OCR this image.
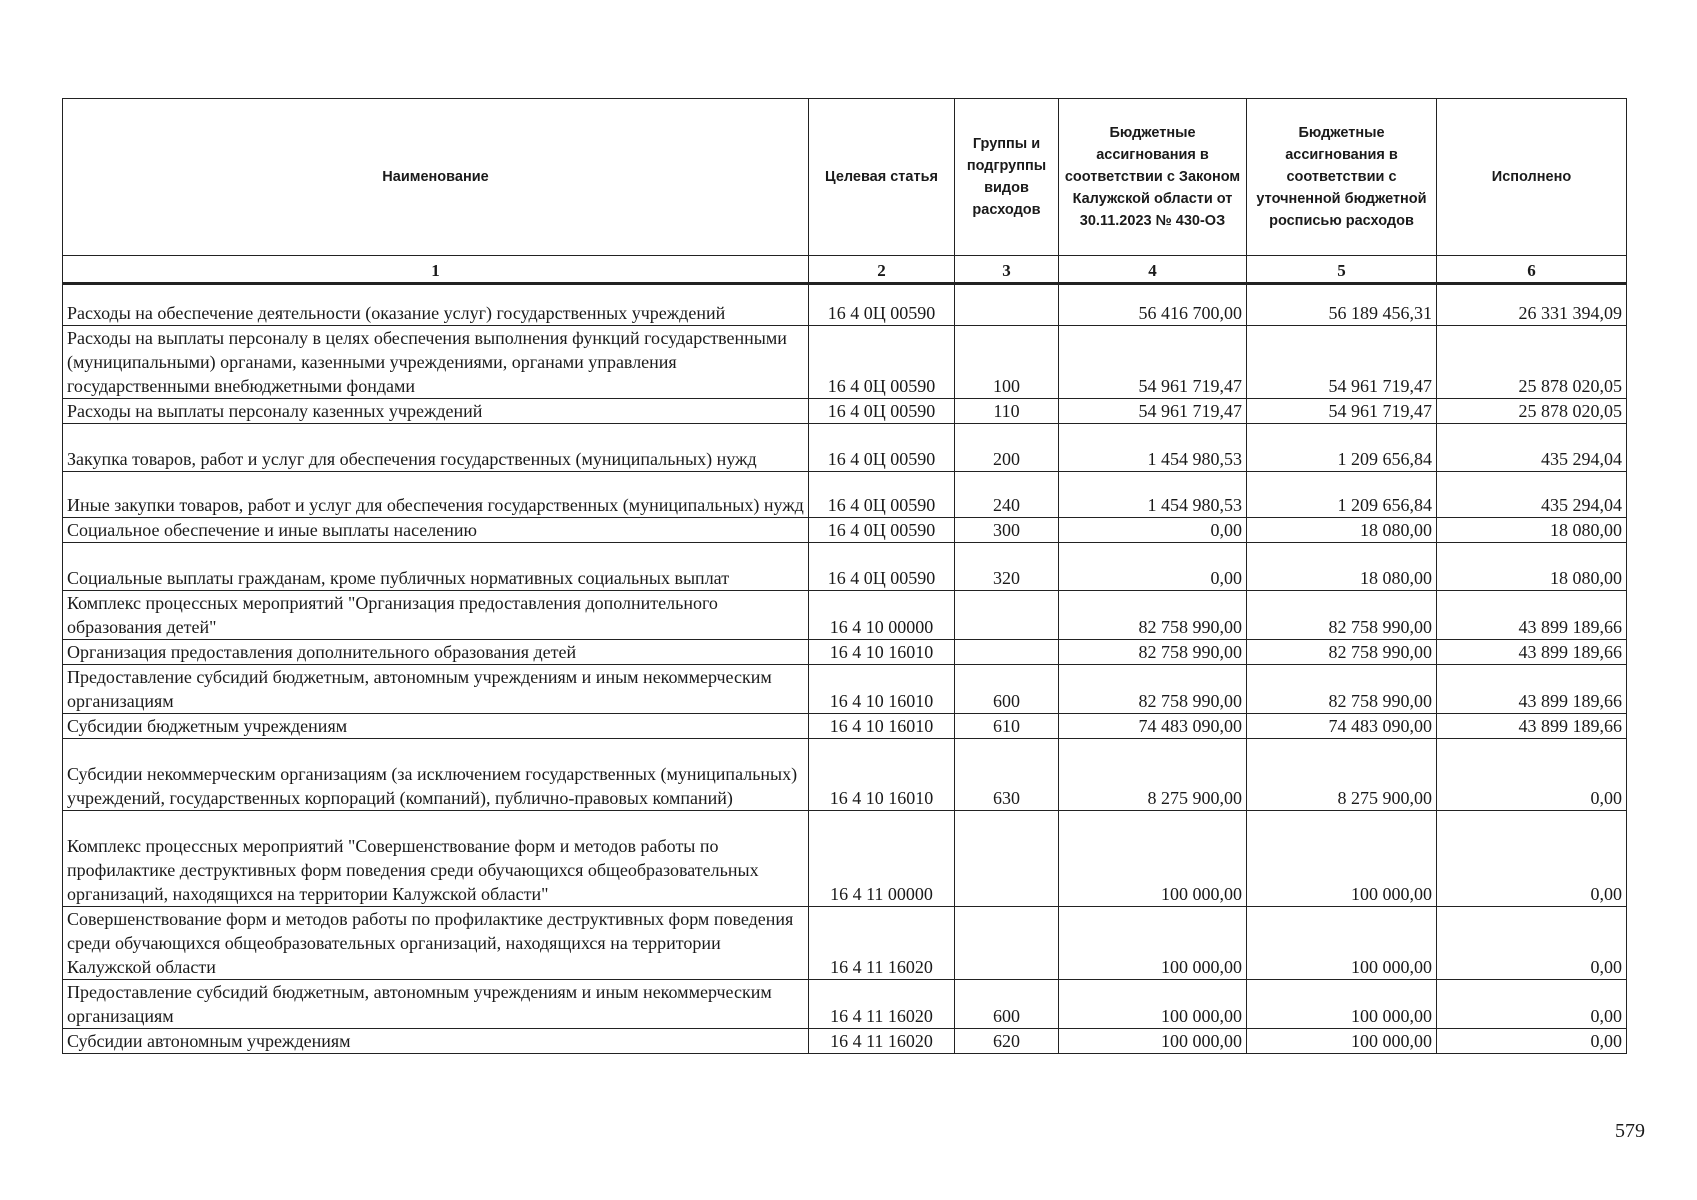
Наименование	Целевая статья	Группы и подгруппы видов расходов	Бюджетные ассигнования в соответствии с Законом Калужской области от 30.11.2023 № 430-ОЗ	Бюджетные ассигнования в соответствии с уточненной бюджетной росписью расходов	Исполнено
1	2	3	4	5	6
Расходы на обеспечение деятельности (оказание услуг) государственных учреждений	16 4 0Ц 00590		56 416 700,00	56 189 456,31	26 331 394,09
Расходы на выплаты персоналу в целях обеспечения выполнения функций государственными (муниципальными) органами, казенными учреждениями, органами управления государственными внебюджетными фондами	16 4 0Ц 00590	100	54 961 719,47	54 961 719,47	25 878 020,05
Расходы на выплаты персоналу казенных учреждений	16 4 0Ц 00590	110	54 961 719,47	54 961 719,47	25 878 020,05
Закупка товаров, работ и услуг для обеспечения государственных (муниципальных) нужд	16 4 0Ц 00590	200	1 454 980,53	1 209 656,84	435 294,04
Иные закупки товаров, работ и услуг для обеспечения государственных (муниципальных) нужд	16 4 0Ц 00590	240	1 454 980,53	1 209 656,84	435 294,04
Социальное обеспечение и иные выплаты населению	16 4 0Ц 00590	300	0,00	18 080,00	18 080,00
Социальные выплаты гражданам, кроме публичных нормативных социальных выплат	16 4 0Ц 00590	320	0,00	18 080,00	18 080,00
Комплекс процессных мероприятий "Организация предоставления дополнительного образования детей"	16 4 10 00000		82 758 990,00	82 758 990,00	43 899 189,66
Организация предоставления дополнительного образования детей	16 4 10 16010		82 758 990,00	82 758 990,00	43 899 189,66
Предоставление субсидий бюджетным, автономным учреждениям и иным некоммерческим организациям	16 4 10 16010	600	82 758 990,00	82 758 990,00	43 899 189,66
Субсидии бюджетным учреждениям	16 4 10 16010	610	74 483 090,00	74 483 090,00	43 899 189,66
Субсидии некоммерческим организациям (за исключением государственных (муниципальных) учреждений, государственных корпораций (компаний), публично-правовых компаний)	16 4 10 16010	630	8 275 900,00	8 275 900,00	0,00
Комплекс процессных мероприятий "Совершенствование форм и методов работы по профилактике деструктивных форм поведения среди обучающихся общеобразовательных организаций, находящихся на территории Калужской области"	16 4 11 00000		100 000,00	100 000,00	0,00
Совершенствование форм и методов работы по профилактике деструктивных форм поведения среди обучающихся общеобразовательных организаций, находящихся на территории Калужской области	16 4 11 16020		100 000,00	100 000,00	0,00
Предоставление субсидий бюджетным, автономным учреждениям и иным некоммерческим организациям	16 4 11 16020	600	100 000,00	100 000,00	0,00
Субсидии автономным учреждениям	16 4 11 16020	620	100 000,00	100 000,00	0,00
579
